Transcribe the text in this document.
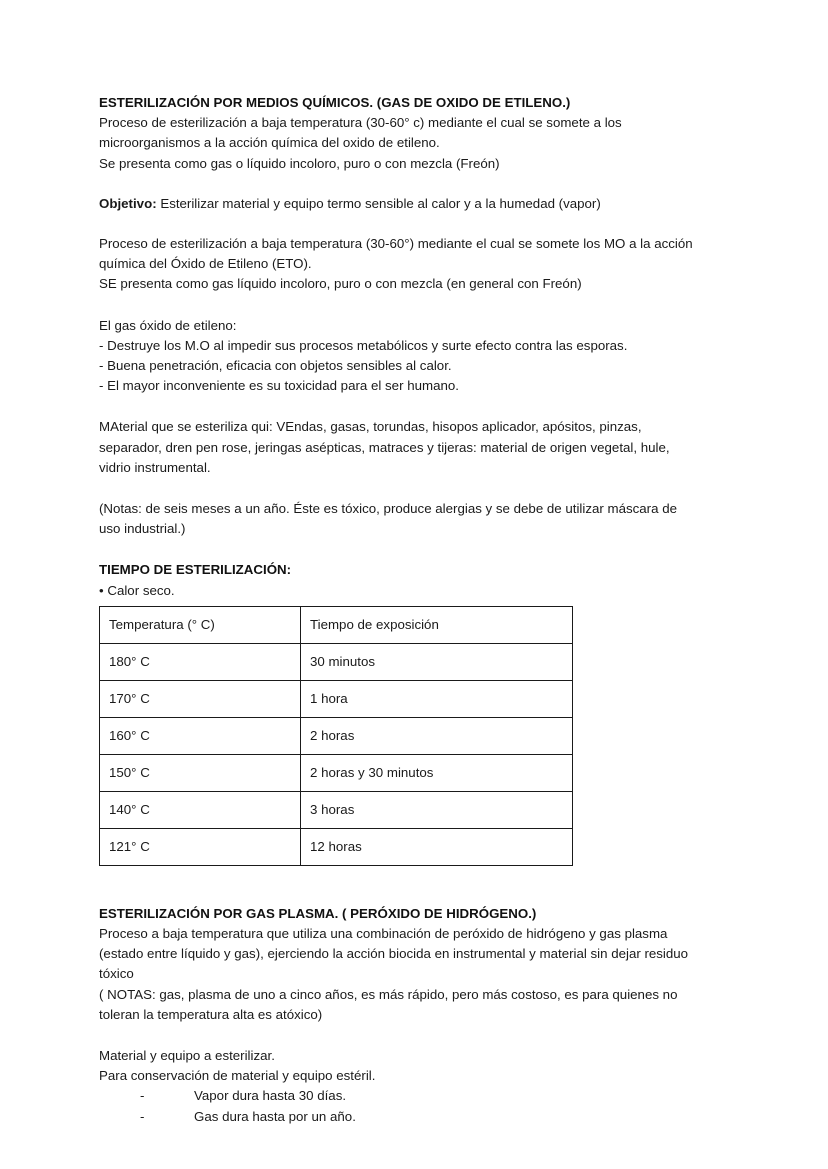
ESTERILIZACIÓN POR MEDIOS QUÍMICOS. (GAS DE OXIDO DE ETILENO.)
Proceso de esterilización a baja temperatura (30-60° c) mediante el cual se somete a los
microorganismos a la acción química del oxido de etileno.
Se presenta como gas o líquido incoloro, puro o con mezcla (Freón)
Objetivo: Esterilizar material y equipo termo sensible al calor y a la humedad (vapor)
Proceso de esterilización a baja temperatura (30-60°) mediante el cual se somete los MO a la acción
química del Óxido de Etileno (ETO).
SE presenta como gas líquido incoloro, puro o con mezcla (en general con Freón)
El gas óxido de etileno:
- Destruye los M.O al impedir sus procesos metabólicos y surte efecto contra las esporas.
- Buena penetración, eficacia con objetos sensibles al calor.
- El mayor inconveniente es su toxicidad para el ser humano.
MAterial que se esteriliza qui: VEndas, gasas, torundas, hisopos aplicador, apósitos, pinzas,
separador, dren pen rose, jeringas asépticas, matraces y tijeras: material de origen vegetal, hule,
vidrio instrumental.
(Notas: de seis meses a un año. Éste es tóxico, produce alergias y se debe de utilizar máscara de
uso industrial.)
TIEMPO DE ESTERILIZACIÓN:
• Calor seco.
Temperatura (° C)	Tiempo de exposición
180° C	30 minutos
170° C	1 hora
160° C	2 horas
150° C	2 horas y 30 minutos
140° C	3 horas
121° C	12 horas
ESTERILIZACIÓN POR GAS PLASMA. ( PERÓXIDO DE HIDRÓGENO.)
Proceso a baja temperatura que utiliza una combinación de peróxido de hidrógeno y gas plasma
(estado entre líquido y gas), ejerciendo la acción biocida en instrumental y material sin dejar residuo
tóxico
( NOTAS: gas, plasma de uno a cinco años, es más rápido, pero más costoso, es para quienes no
toleran la temperatura alta es atóxico)
Material y equipo a esterilizar.
Para conservación de material y equipo estéril.
-	Vapor dura hasta 30 días.
-	Gas dura hasta por un año.
